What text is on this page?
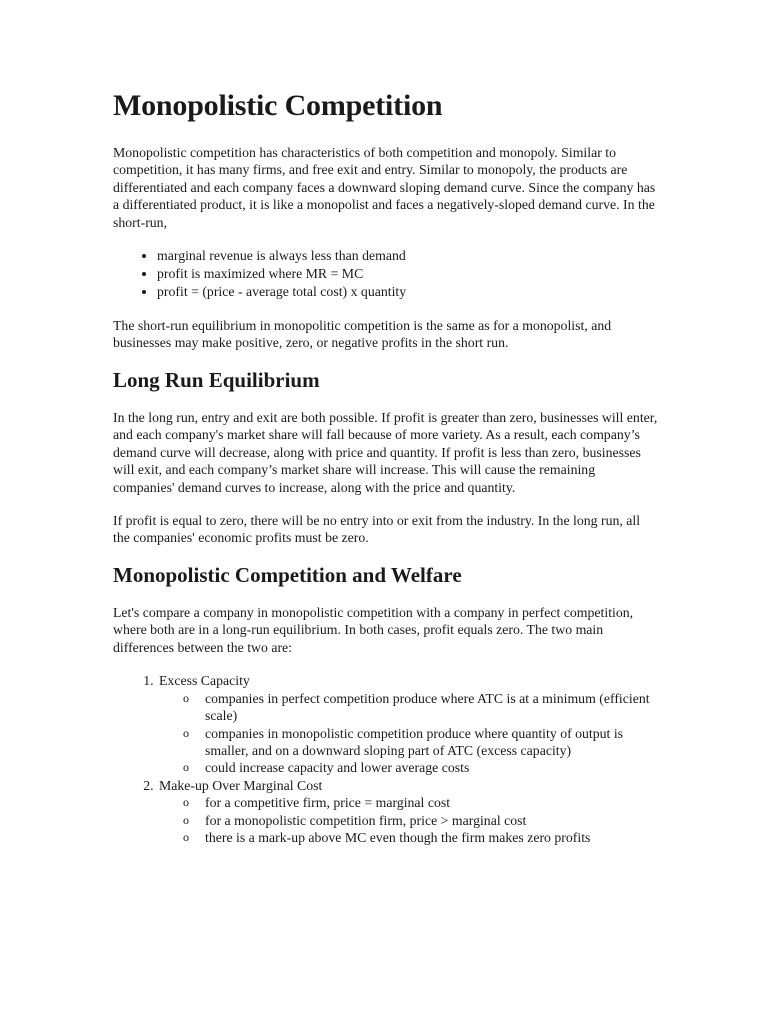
Monopolistic Competition

Monopolistic competition has characteristics of both competition and monopoly. Similar to competition, it has many firms, and free exit and entry. Similar to monopoly, the products are differentiated and each company faces a downward sloping demand curve. Since the company has a differentiated product, it is like a monopolist and faces a negatively-sloped demand curve. In the short-run,

• marginal revenue is always less than demand
• profit is maximized where MR = MC
• profit = (price - average total cost) x quantity

The short-run equilibrium in monopolitic competition is the same as for a monopolist, and businesses may make positive, zero, or negative profits in the short run.

Long Run Equilibrium

In the long run, entry and exit are both possible. If profit is greater than zero, businesses will enter, and each company's market share will fall because of more variety. As a result, each company’s demand curve will decrease, along with price and quantity. If profit is less than zero, businesses will exit, and each company’s market share will increase. This will cause the remaining companies' demand curves to increase, along with the price and quantity.

If profit is equal to zero, there will be no entry into or exit from the industry. In the long run, all the companies' economic profits must be zero.

Monopolistic Competition and Welfare

Let's compare a company in monopolistic competition with a company in perfect competition, where both are in a long-run equilibrium. In both cases, profit equals zero. The two main differences between the two are:

1. Excess Capacity
o companies in perfect competition produce where ATC is at a minimum (efficient scale)
o companies in monopolistic competition produce where quantity of output is smaller, and on a downward sloping part of ATC (excess capacity)
o could increase capacity and lower average costs
2. Make-up Over Marginal Cost
o for a competitive firm, price = marginal cost
o for a monopolistic competition firm, price > marginal cost
o there is a mark-up above MC even though the firm makes zero profits
